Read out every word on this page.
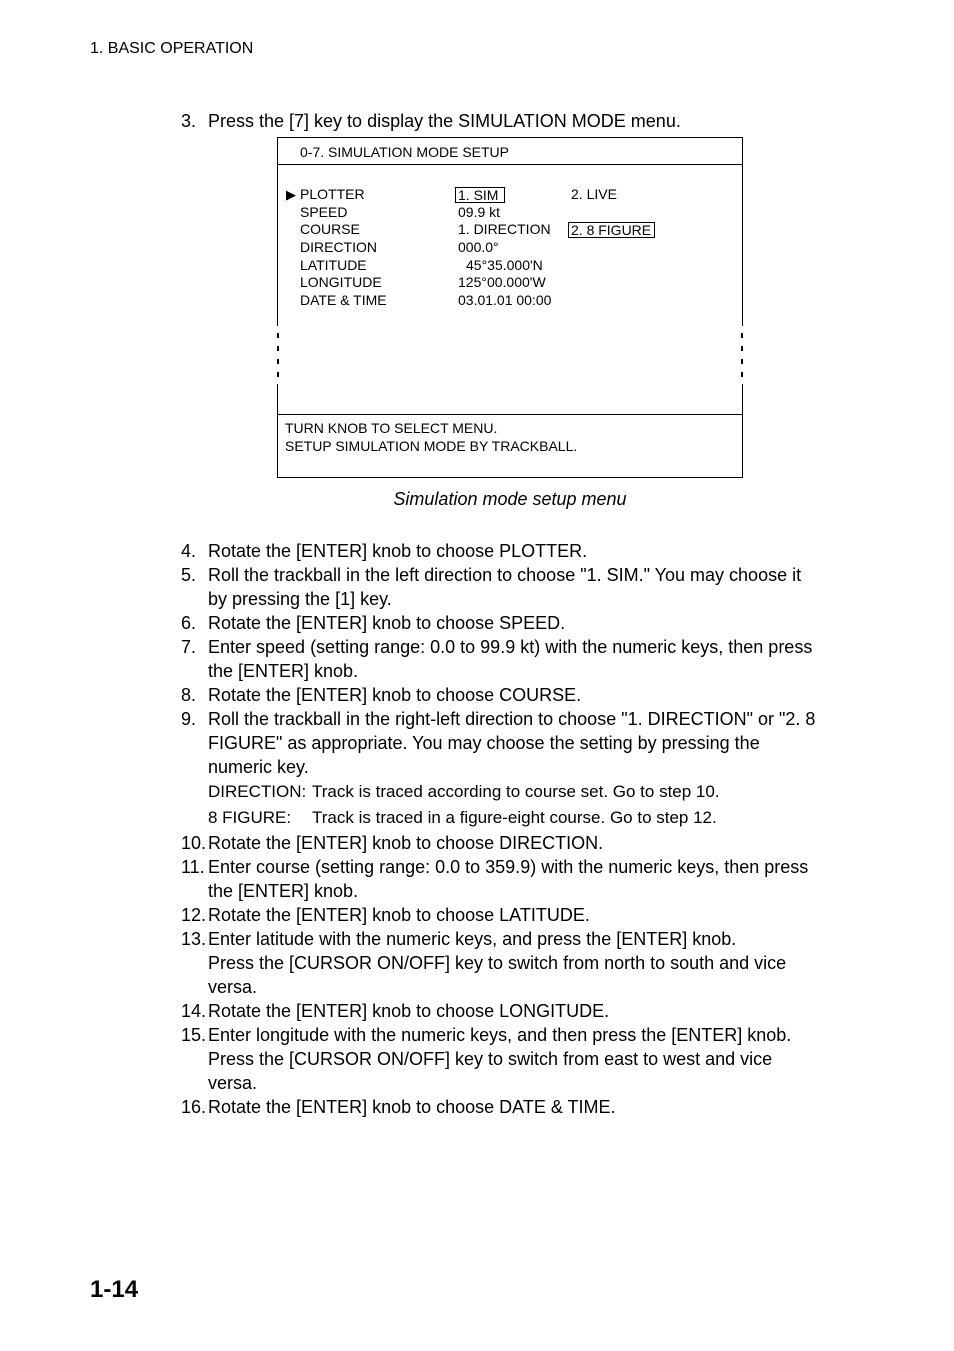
1. BASIC OPERATION
3. Press the [7] key to display the SIMULATION MODE menu.
0-7. SIMULATION MODE SETUP
▶ PLOTTER	1. SIM	2. LIVE
SPEED	09.9 kt
COURSE	1. DIRECTION 2. 8 FIGURE
DIRECTION	000.0°
LATITUDE	45°35.000'N
LONGITUDE	125°00.000'W
DATE & TIME	03.01.01 00:00
TURN KNOB TO SELECT MENU.
SETUP SIMULATION MODE BY TRACKBALL.
Simulation mode setup menu
4. Rotate the [ENTER] knob to choose PLOTTER.
5. Roll the trackball in the left direction to choose "1. SIM." You may choose it
by pressing the [1] key.
6. Rotate the [ENTER] knob to choose SPEED.
7. Enter speed (setting range: 0.0 to 99.9 kt) with the numeric keys, then press
the [ENTER] knob.
8. Rotate the [ENTER] knob to choose COURSE.
9. Roll the trackball in the right-left direction to choose "1. DIRECTION" or "2. 8
FIGURE" as appropriate. You may choose the setting by pressing the
numeric key.
DIRECTION: Track is traced according to course set. Go to step 10.
8 FIGURE: Track is traced in a figure-eight course. Go to step 12.
10. Rotate the [ENTER] knob to choose DIRECTION.
11. Enter course (setting range: 0.0 to 359.9) with the numeric keys, then press
the [ENTER] knob.
12. Rotate the [ENTER] knob to choose LATITUDE.
13. Enter latitude with the numeric keys, and press the [ENTER] knob.
Press the [CURSOR ON/OFF] key to switch from north to south and vice
versa.
14. Rotate the [ENTER] knob to choose LONGITUDE.
15. Enter longitude with the numeric keys, and then press the [ENTER] knob.
Press the [CURSOR ON/OFF] key to switch from east to west and vice
versa.
16. Rotate the [ENTER] knob to choose DATE & TIME.
1-14
